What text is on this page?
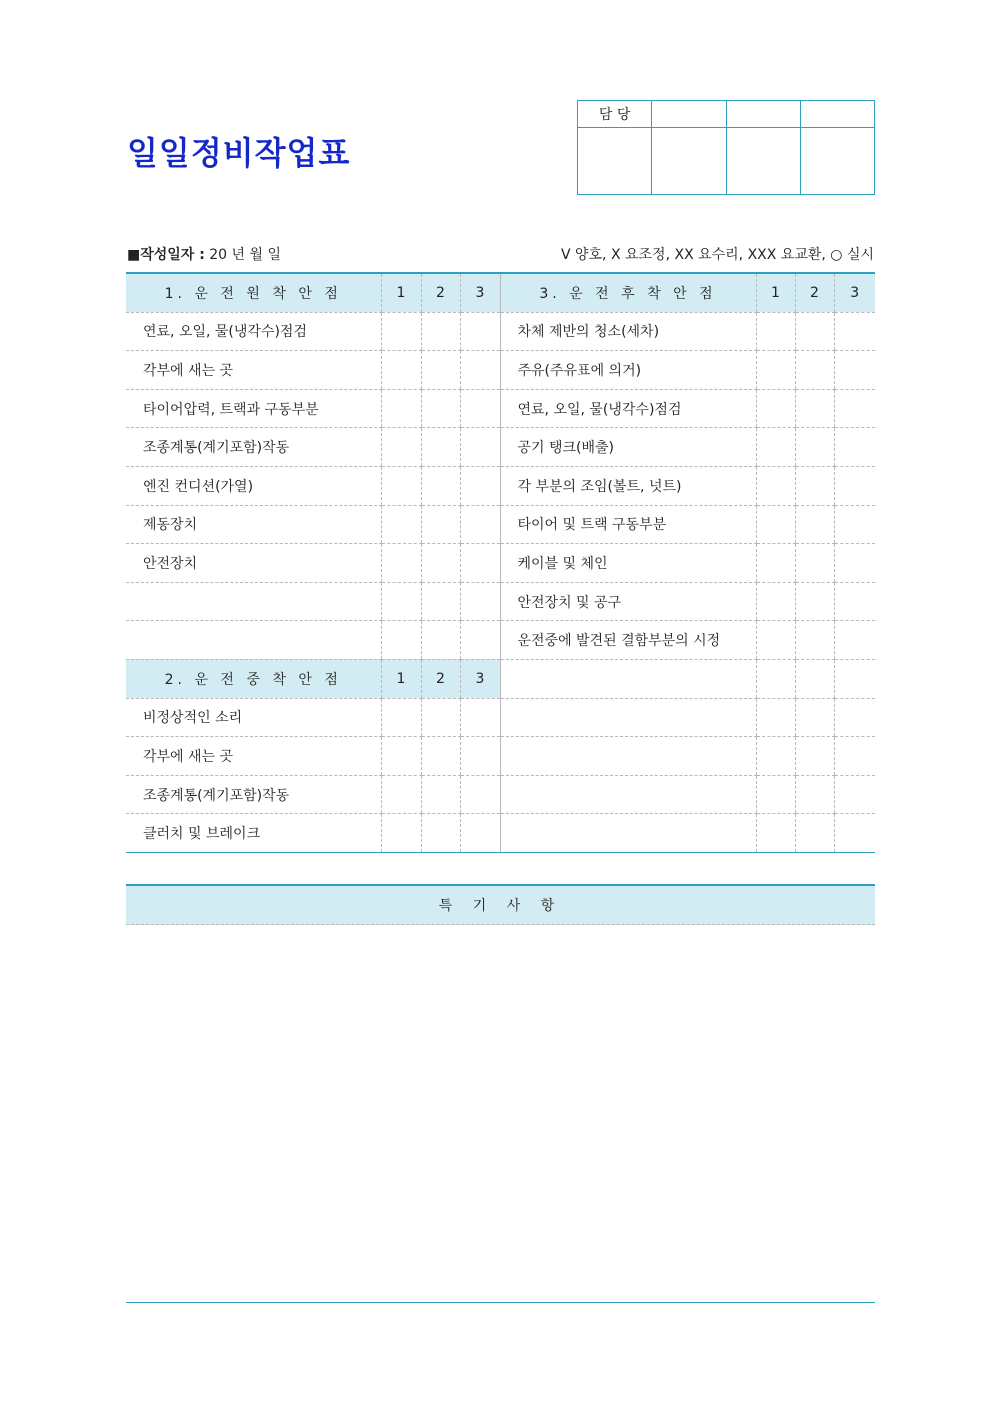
일일정비작업표
담 당			

■작성일자 : 20 년 월 일	V 양호, X 요조정, XX 요수리, XXX 요교환, ○ 실시
1. 운 전 원 착 안 점	1	2	3	3. 운 전 후 착 안 점	1	2	3
연료, 오일, 물(냉각수)점검				차체 제반의 청소(세차)			
각부에 새는 곳				주유(주유표에 의거)			
타이어압력, 트랙과 구동부분				연료, 오일, 물(냉각수)점검			
조종계통(계기포함)작동				공기 탱크(배출)			
엔진 컨디션(가열)				각 부분의 조임(볼트, 넛트)			
제동장치				타이어 및 트랙 구동부분			
안전장치				케이블 및 체인			
				안전장치 및 공구			
				운전중에 발견된 결함부분의 시정			
2. 운 전 중 착 안 점	1	2	3				
비정상적인 소리							
각부에 새는 곳							
조종계통(계기포함)작동							
클러치 및 브레이크							
특 기 사 항
